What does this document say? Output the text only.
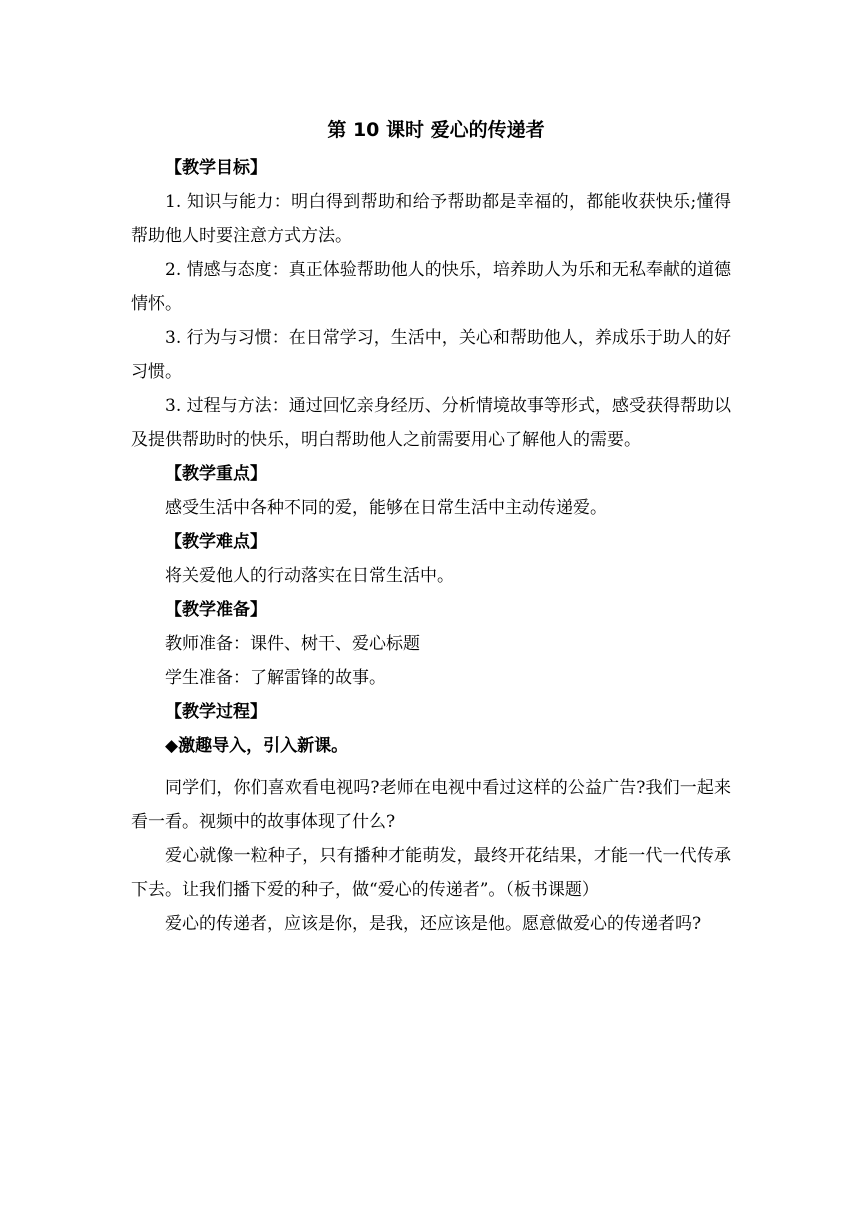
第 10 课时 爱心的传递者
【教学目标】
1. 知识与能力：明白得到帮助和给予帮助都是幸福的，都能收获快乐;懂得帮助他人时要注意方式方法。
2. 情感与态度：真正体验帮助他人的快乐，培养助人为乐和无私奉献的道德情怀。
3. 行为与习惯：在日常学习，生活中，关心和帮助他人，养成乐于助人的好习惯。
3. 过程与方法：通过回忆亲身经历、分析情境故事等形式，感受获得帮助以及提供帮助时的快乐，明白帮助他人之前需要用心了解他人的需要。
【教学重点】
感受生活中各种不同的爱，能够在日常生活中主动传递爱。
【教学难点】
将关爱他人的行动落实在日常生活中。
【教学准备】
教师准备：课件、树干、爱心标题
学生准备：了解雷锋的故事。
【教学过程】
◆激趣导入，引入新课。
同学们，你们喜欢看电视吗?老师在电视中看过这样的公益广告?我们一起来看一看。视频中的故事体现了什么?
爱心就像一粒种子，只有播种才能萌发，最终开花结果，才能一代一代传承下去。让我们播下爱的种子，做“爱心的传递者”。（板书课题）
爱心的传递者，应该是你，是我，还应该是他。愿意做爱心的传递者吗?
